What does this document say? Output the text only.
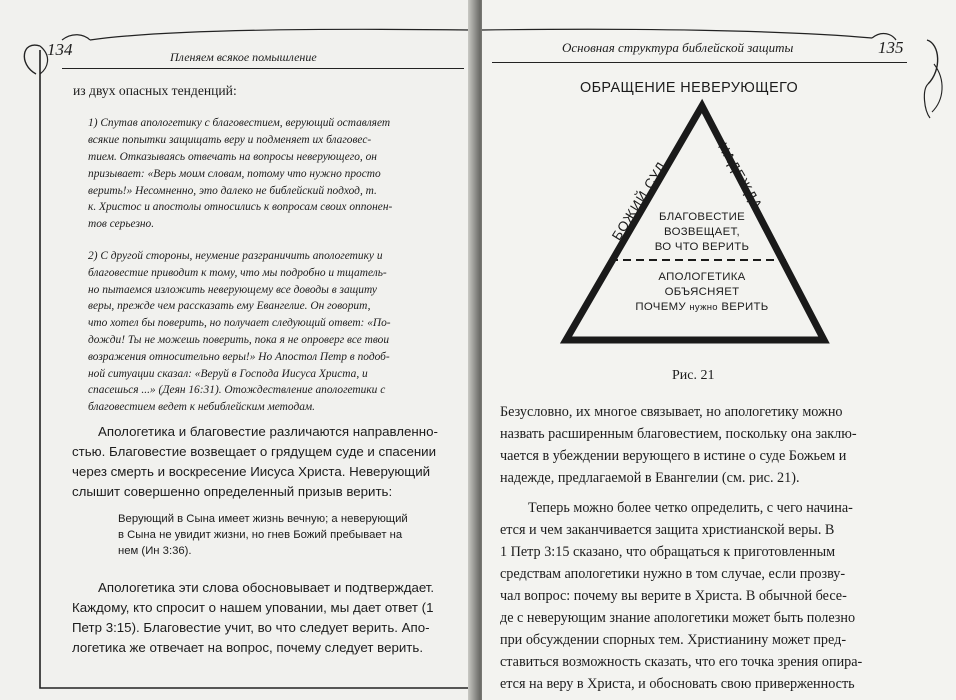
134	Пленяем всякое помышление
из двух опасных тенденций:
1) Спутав апологетику с благовестием, верующий оставляет
всякие попытки защищать веру и подменяет их благовес-
тием. Отказываясь отвечать на вопросы неверующего, он
призывает: «Верь моим словам, потому что нужно просто
верить!» Несомненно, это далеко не библейский подход, т.
к. Христос и апостолы относились к вопросам своих оппонен-
тов серьезно.
2) С другой стороны, неумение разграничить апологетику и
благовестие приводит к тому, что мы подробно и тщатель-
но пытаемся изложить неверующему все доводы в защиту
веры, прежде чем рассказать ему Евангелие. Он говорит,
что хотел бы поверить, но получает следующий ответ: «По-
дожди! Ты не можешь поверить, пока я не опроверг все твои
возражения относительно веры!» Но Апостол Петр в подоб-
ной ситуации сказал: «Веруй в Господа Иисуса Христа, и
спасешься ...» (Деян 16:31). Отождествление апологетики с
благовестием ведет к небиблейским методам.
Апологетика и благовестие различаются направленно-
стью. Благовестие возвещает о грядущем суде и спасении
через смерть и воскресение Иисуса Христа. Неверующий
слышит совершенно определенный призыв верить:
Верующий в Сына имеет жизнь вечную; а неверующий
в Сына не увидит жизни, но гнев Божий пребывает на
нем (Ин 3:36).
Апологетика эти слова обосновывает и подтверждает.
Каждому, кто спросит о нашем уповании, мы дает ответ (1
Петр 3:15). Благовестие учит, во что следует верить. Апо-
логетика же отвечает на вопрос, почему следует верить.
Основная структура библейской защиты	135
ОБРАЩЕНИЕ НЕВЕРУЮЩЕГО
БОЖИЙ СУД	НАДЕЖДА
БЛАГОВЕСТИЕ
ВОЗВЕЩАЕТ,
ВО ЧТО ВЕРИТЬ
АПОЛОГЕТИКА
ОБЪЯСНЯЕТ
ПОЧЕМУ нужно ВЕРИТЬ
Рис. 21
Безусловно, их многое связывает, но апологетику можно
назвать расширенным благовестием, поскольку она заклю-
чается в убеждении верующего в истине о суде Божьем и
надежде, предлагаемой в Евангелии (см. рис. 21).
Теперь можно более четко определить, с чего начина-
ется и чем заканчивается защита христианской веры. В
1 Петр 3:15 сказано, что обращаться к приготовленным
средствам апологетики нужно в том случае, если прозву-
чал вопрос: почему вы верите в Христа. В обычной бесе-
де с неверующим знание апологетики может быть полезно
при обсуждении спорных тем. Христианину может пред-
ставиться возможность сказать, что его точка зрения опира-
ется на веру в Христа, и обосновать свою приверженность
